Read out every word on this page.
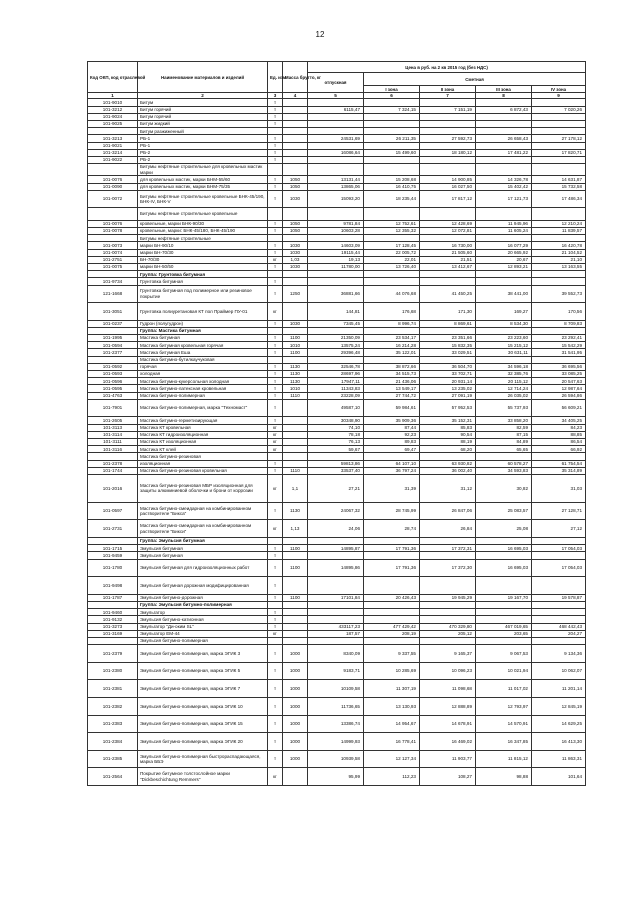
12
Код ОКП, код отраслевой	Наименование материалов и изделий	Ед. изм.	Масса брутто, кг	Цена в руб. на 2 кв 2015 год (без НДС)				
				отпускная	Сметная			
					I зона	II зона	III зона	IV зона
1	2	3	4	5	6	7	8	9
101-9010	Битум	т						
101-3212	Битум горячий	т		6115,47	7 324,15	7 151,19	6 872,43	7 020,26
101-9024	Битум горячий	т						
101-9025	Битум жидкий	т						
	Битум разжиженный							
101-3213	РБ-1	т		24531,69	26 211,35	27 592,73	26 658,43	27 178,12
101-9021	РБ-1	т						
101-3214	РБ-2	т		16086,64	15 499,60	18 180,12	17 481,22	17 820,71
101-9022	РБ-2	т						
	Битумы нефтяные строительные для кровельных мастик марки							
101-0076	для кровельных мастик, марки БНМ-55/60	т	1050	13131,44	15 208,68	14 900,85	14 326,78	14 631,87
101-0090	для кровельных мастик, марки БНМ-75/35	т	1050	13865,06	16 410,75	16 027,50	15 402,42	15 732,58
101-0072	Битумы нефтяные строительные кровельные БНК-45/190, БНК-IV, БНК-V	т	1030	15093,20	18 235,44	17 817,12	17 121,73	17 486,34
	Битумы нефтяные строительные кровельные							
101-0076	кровельные, марки БНК-90/30	т	1050	9781,84	12 752,61	12 428,69	11 945,96	12 210,24
101-0078	кровельные, марки: БНК-45/180, БНК-45/190	т	1050	10603,28	12 355,32	12 072,81	11 605,24	11 839,57
	Битумы нефтяные строительные							
101-0073	марки БН-90/10	т	1030	14603,09	17 128,45	16 730,00	16 077,29	16 420,78
101-0074	марки БН-70/30	т	1030	19115,44	22 005,72	21 505,60	20 665,92	21 104,52
101-2751	БН-70/30	кг	1,03	19,13	22,01	21,51	20,67	21,10
101-0075	марки БН-50/50	т	1030	11780,00	13 726,40	13 412,67	12 893,21	13 163,55
	Группа: Грунтовка битумная							
101-9734	Грунтовка битумная	т						
121-1668	Грунтовка битумная под полимерное или резиновое покрытие	т	1250	36881,66	44 076,68	41 450,25	38 441,00	39 552,73
101-3051	Грунтовка полиуретановая КТ пол Праймер ПУ-01	кг		144,81	176,68	171,30	169,27	170,56
101-0237	Гудрон (полугудрон)	т	1030	7345,45	8 996,74	8 869,61	8 534,30	8 709,83
	Группа: Мастика битумная							
101-1995	Мастика битумная	т	1100	21350,09	23 534,17	23 351,66	23 223,60	23 292,41
101-0594	Мастика битумная кровельная горячая	т	1010	13575,24	16 214,28	15 832,35	15 215,12	15 542,29
101-2377	Мастика битумная Еша	т	1100	29396,48	35 122,01	33 029,51	30 631,11	31 541,95
	Мастика битумно-бутилкаучуковая							
101-0592	горячая	т	1130	32546,78	38 872,66	36 504,70	34 596,18	36 695,56
101-0593	холодная	т	1130	28697,96	34 515,73	33 702,71	32 385,76	33 085,25
101-0596	Мастика битумно-кукерсольная холодная	т	1130	17947,11	21 436,06	20 931,14	20 115,12	20 547,63
101-0595	Мастика битумно-латексная кровельная	т	1010	11343,83	13 549,17	13 235,02	12 714,24	12 987,64
101-4763	Мастика битумно-полимерная	т	1110	23228,09	27 744,72	27 091,19	26 035,02	26 594,86
101-7901	Мастика битумно-полимерная, марка "Техномаст"	т		49587,10	59 984,61	57 952,53	55 737,93	56 609,21
101-2605	Мастика битумно-герметизирующая	т		30348,90	35 909,36	35 152,31	33 858,20	34 405,25
101-3113	Мастика КТ кровельная	кг		74,10	87,44	85,83	82,59	84,23
101-3114	Мастика КТ гидроизоляционная	кг		78,18	92,23	90,54	87,15	88,85
101-3111	Мастика КТ изоляционная	кг		76,13	89,83	88,19	84,89	86,54
101-3116	Мастика КТ клей	кг		59,67	69,47	68,20	65,65	66,92
	Мастика битумно-резиновая							
101-2378	изоляционная	т		59813,86	64 107,10	63 930,82	60 578,27	61 754,54
101-1744	Мастика битумно-резиновая кровельная	т	1110	33537,40	36 797,24	36 002,40	34 593,83	35 314,89
101-2016	Мастика битумно-резиновая МБР изоляционная для защиты алюминиевой оболочки и брони от коррозии	кг	1,1	27,21	31,39	31,12	30,82	31,03
101-0597	Мастика битумно-смеидарная на комбинированном растворителе "Бикса"	т	1130	24067,32	28 745,99	26 847,06	25 083,57	27 128,71
101-2731	Мастика битумно-смеидарная на комбинированном растворителе "Бикси"	кг	1,13	24,06	28,74	26,84	25,08	27,12
	Группа: Эмульсия битумная							
101-1715	Эмульсия битумная	т	1100	14895,87	17 791,36	17 372,31	16 695,03	17 054,03
101-9459	Эмульсия битумная	т						
101-1780	Эмульсия битумная для гидроизоляционных работ	т	1100	14895,86	17 791,36	17 372,30	16 695,03	17 054,03
101-9498	Эмульсия битумная дорожная модифицированная	т						
101-1787	Эмульсия битумно-дорожная	т	1100	17101,84	20 426,43	19 945,29	19 167,70	19 578,87
	Группа: Эмульсия битумно-полимерная							
101-9460	Эмульгатор	т						
101-9132	Эмульсия битумно-катионная	т						
101-3273	Эмульгатор "Ди-оким SL"	т		433117,23	477 429,42	470 329,80	467 019,65	468 442,43
101-3169	Эмульгатор ЕМ-44	кг		187,57	208,19	205,12	203,65	204,27
	Эмульсия битумно-полимерная							
101-2379	Эмульсия битумно-полимерная, марка ЭГИК 3	т	1000	8340,09	9 337,55	9 165,37	9 067,53	9 134,36
101-2380	Эмульсия битумно-полимерная, марка ЭГИК 5	т	1000	9183,71	10 285,69	10 096,23	10 021,94	10 062,07
101-2381	Эмульсия битумно-полимерная, марка ЭГИК 7	т	1000	10109,58	11 307,19	11 098,68	11 017,02	11 201,14
101-2382	Эмульсия битумно-полимерная, марка ЭГИК 10	т	1000	11736,65	13 130,93	12 888,89	12 793,97	12 845,19
101-2383	Эмульсия битумно-полимерная, марка ЭГИК 15	т	1000	13386,74	14 954,67	14 678,91	14 570,91	14 629,25
101-2384	Эмульсия битумно-полимерная, марка ЭГИК 20	т	1000	14999,93	16 778,41	16 469,02	16 347,85	16 413,30
101-2385	Эмульсия битумно-полимерная быстрораспадающаяся, марка ББЭ	т	1000	10939,58	12 127,34	11 903,77	11 815,12	11 863,31
101-2564	Покрытие битумное толстослойное марки "Dickbeschichtung Remmers"	кг		95,99	112,23	108,27	98,88	101,64
